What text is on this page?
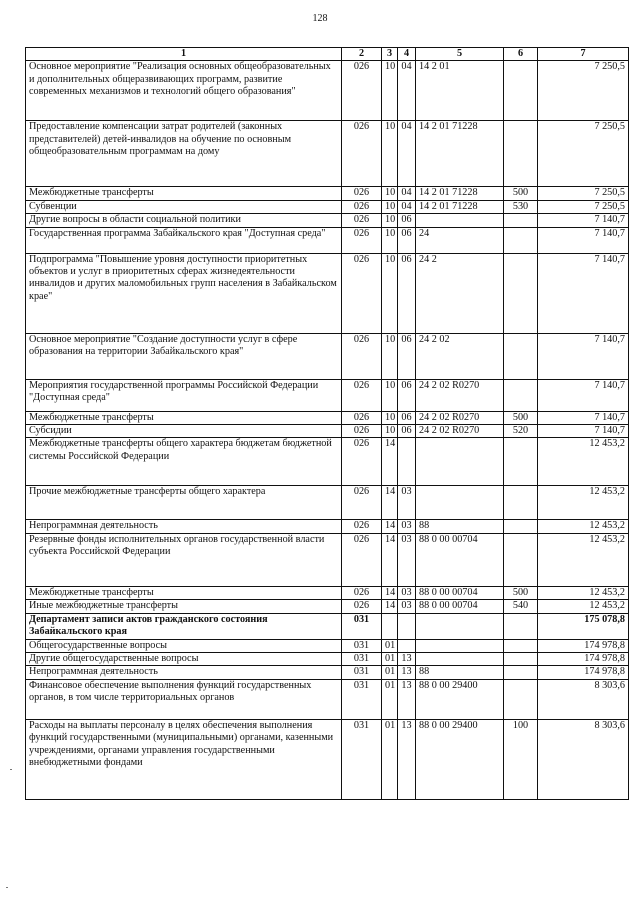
128
1	2	3	4	5	6	7
Основное мероприятие "Реализация основных общеобразовательных и дополнительных общеразвивающих программ, развитие современных механизмов и технологий общего образования"	026	10	04	14 2 01		7 250,5
Предоставление компенсации затрат родителей (законных представителей) детей-инвалидов на обучение по основным общеобразовательным программам на дому	026	10	04	14 2 01 71228		7 250,5
Межбюджетные трансферты	026	10	04	14 2 01 71228	500	7 250,5
Субвенции	026	10	04	14 2 01 71228	530	7 250,5
Другие вопросы в области социальной политики	026	10	06			7 140,7
Государственная программа Забайкальского края "Доступная среда"	026	10	06	24		7 140,7
Подпрограмма "Повышение уровня доступности приоритетных объектов и услуг в приоритетных сферах жизнедеятельности инвалидов и других маломобильных групп населения в Забайкальском крае"	026	10	06	24 2		7 140,7
Основное мероприятие "Создание доступности услуг в сфере образования на территории Забайкальского края"	026	10	06	24 2 02		7 140,7
Мероприятия государственной программы Российской Федерации "Доступная среда"	026	10	06	24 2 02 R0270		7 140,7
Межбюджетные трансферты	026	10	06	24 2 02 R0270	500	7 140,7
Субсидии	026	10	06	24 2 02 R0270	520	7 140,7
Межбюджетные трансферты общего характера бюджетам бюджетной системы Российской Федерации	026	14				12 453,2
Прочие межбюджетные трансферты общего характера	026	14	03			12 453,2
Непрограммная деятельность	026	14	03	88		12 453,2
Резервные фонды исполнительных органов государственной власти субъекта Российской Федерации	026	14	03	88 0 00 00704		12 453,2
Межбюджетные трансферты	026	14	03	88 0 00 00704	500	12 453,2
Иные межбюджетные трансферты	026	14	03	88 0 00 00704	540	12 453,2
Департамент записи актов гражданского состояния Забайкальского края	031					175 078,8
Общегосударственные вопросы	031	01				174 978,8
Другие общегосударственные вопросы	031	01	13			174 978,8
Непрограммная деятельность	031	01	13	88		174 978,8
Финансовое обеспечение выполнения функций государственных органов, в том числе территориальных органов	031	01	13	88 0 00 29400		8 303,6
Расходы на выплаты персоналу в целях обеспечения выполнения функций государственными (муниципальными) органами, казенными учреждениями, органами управления государственными внебюджетными фондами	031	01	13	88 0 00 29400	100	8 303,6
